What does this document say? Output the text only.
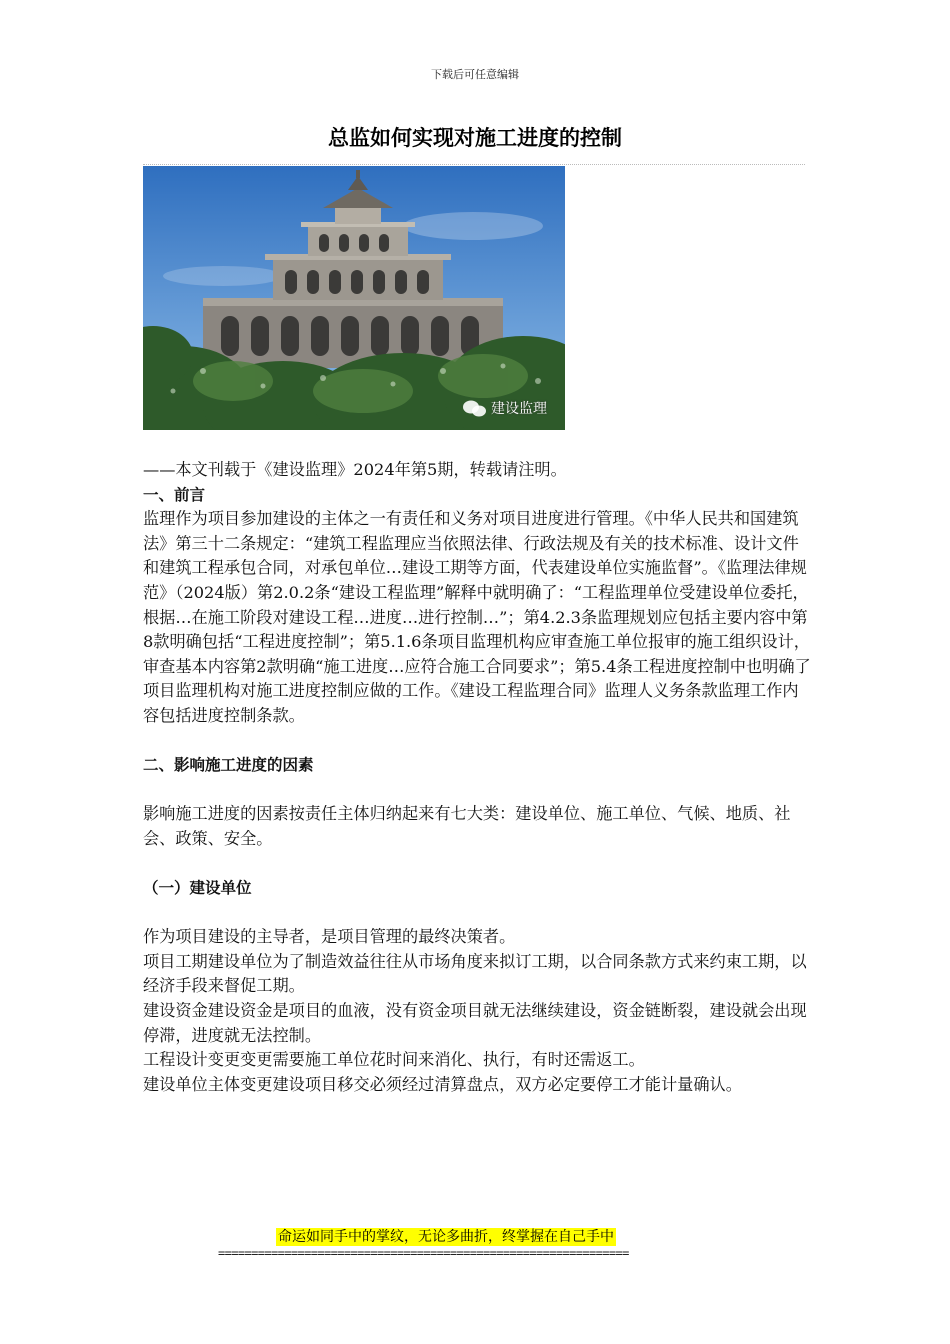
下载后可任意编辑
总监如何实现对施工进度的控制
建设监理

——本文刊载于《建设监理》2024年第5期，转载请注明。

一、前言

监理作为项目参加建设的主体之一有责任和义务对项目进度进行管理。《中华人民共和国建筑法》第三十二条规定：“建筑工程监理应当依照法律、行政法规及有关的技术标准、设计文件和建筑工程承包合同，对承包单位…建设工期等方面，代表建设单位实施监督”。《监理法律规范》（2024版）第2.0.2条“建设工程监理”解释中就明确了：“工程监理单位受建设单位委托，根据…在施工阶段对建设工程…进度…进行控制…”；第4.2.3条监理规划应包括主要内容中第8款明确包括“工程进度控制”；第5.1.6条项目监理机构应审查施工单位报审的施工组织设计，审查基本内容第2款明确“施工进度…应符合施工合同要求”；第5.4条工程进度控制中也明确了项目监理机构对施工进度控制应做的工作。《建设工程监理合同》监理人义务条款监理工作内容包括进度控制条款。

二、影响施工进度的因素

影响施工进度的因素按责任主体归纳起来有七大类：建设单位、施工单位、气候、地质、社会、政策、安全。

（一）建设单位

作为项目建设的主导者，是项目管理的最终决策者。

项目工期建设单位为了制造效益往往从市场角度来拟订工期，以合同条款方式来约束工期，以经济手段来督促工期。

建设资金建设资金是项目的血液，没有资金项目就无法继续建设，资金链断裂，建设就会出现停滞，进度就无法控制。

工程设计变更变更需要施工单位花时间来消化、执行，有时还需返工。

建设单位主体变更建设项目移交必须经过清算盘点，双方必定要停工才能计量确认。

命运如同手中的掌纹，无论多曲折，终掌握在自己手中
==============================================================
